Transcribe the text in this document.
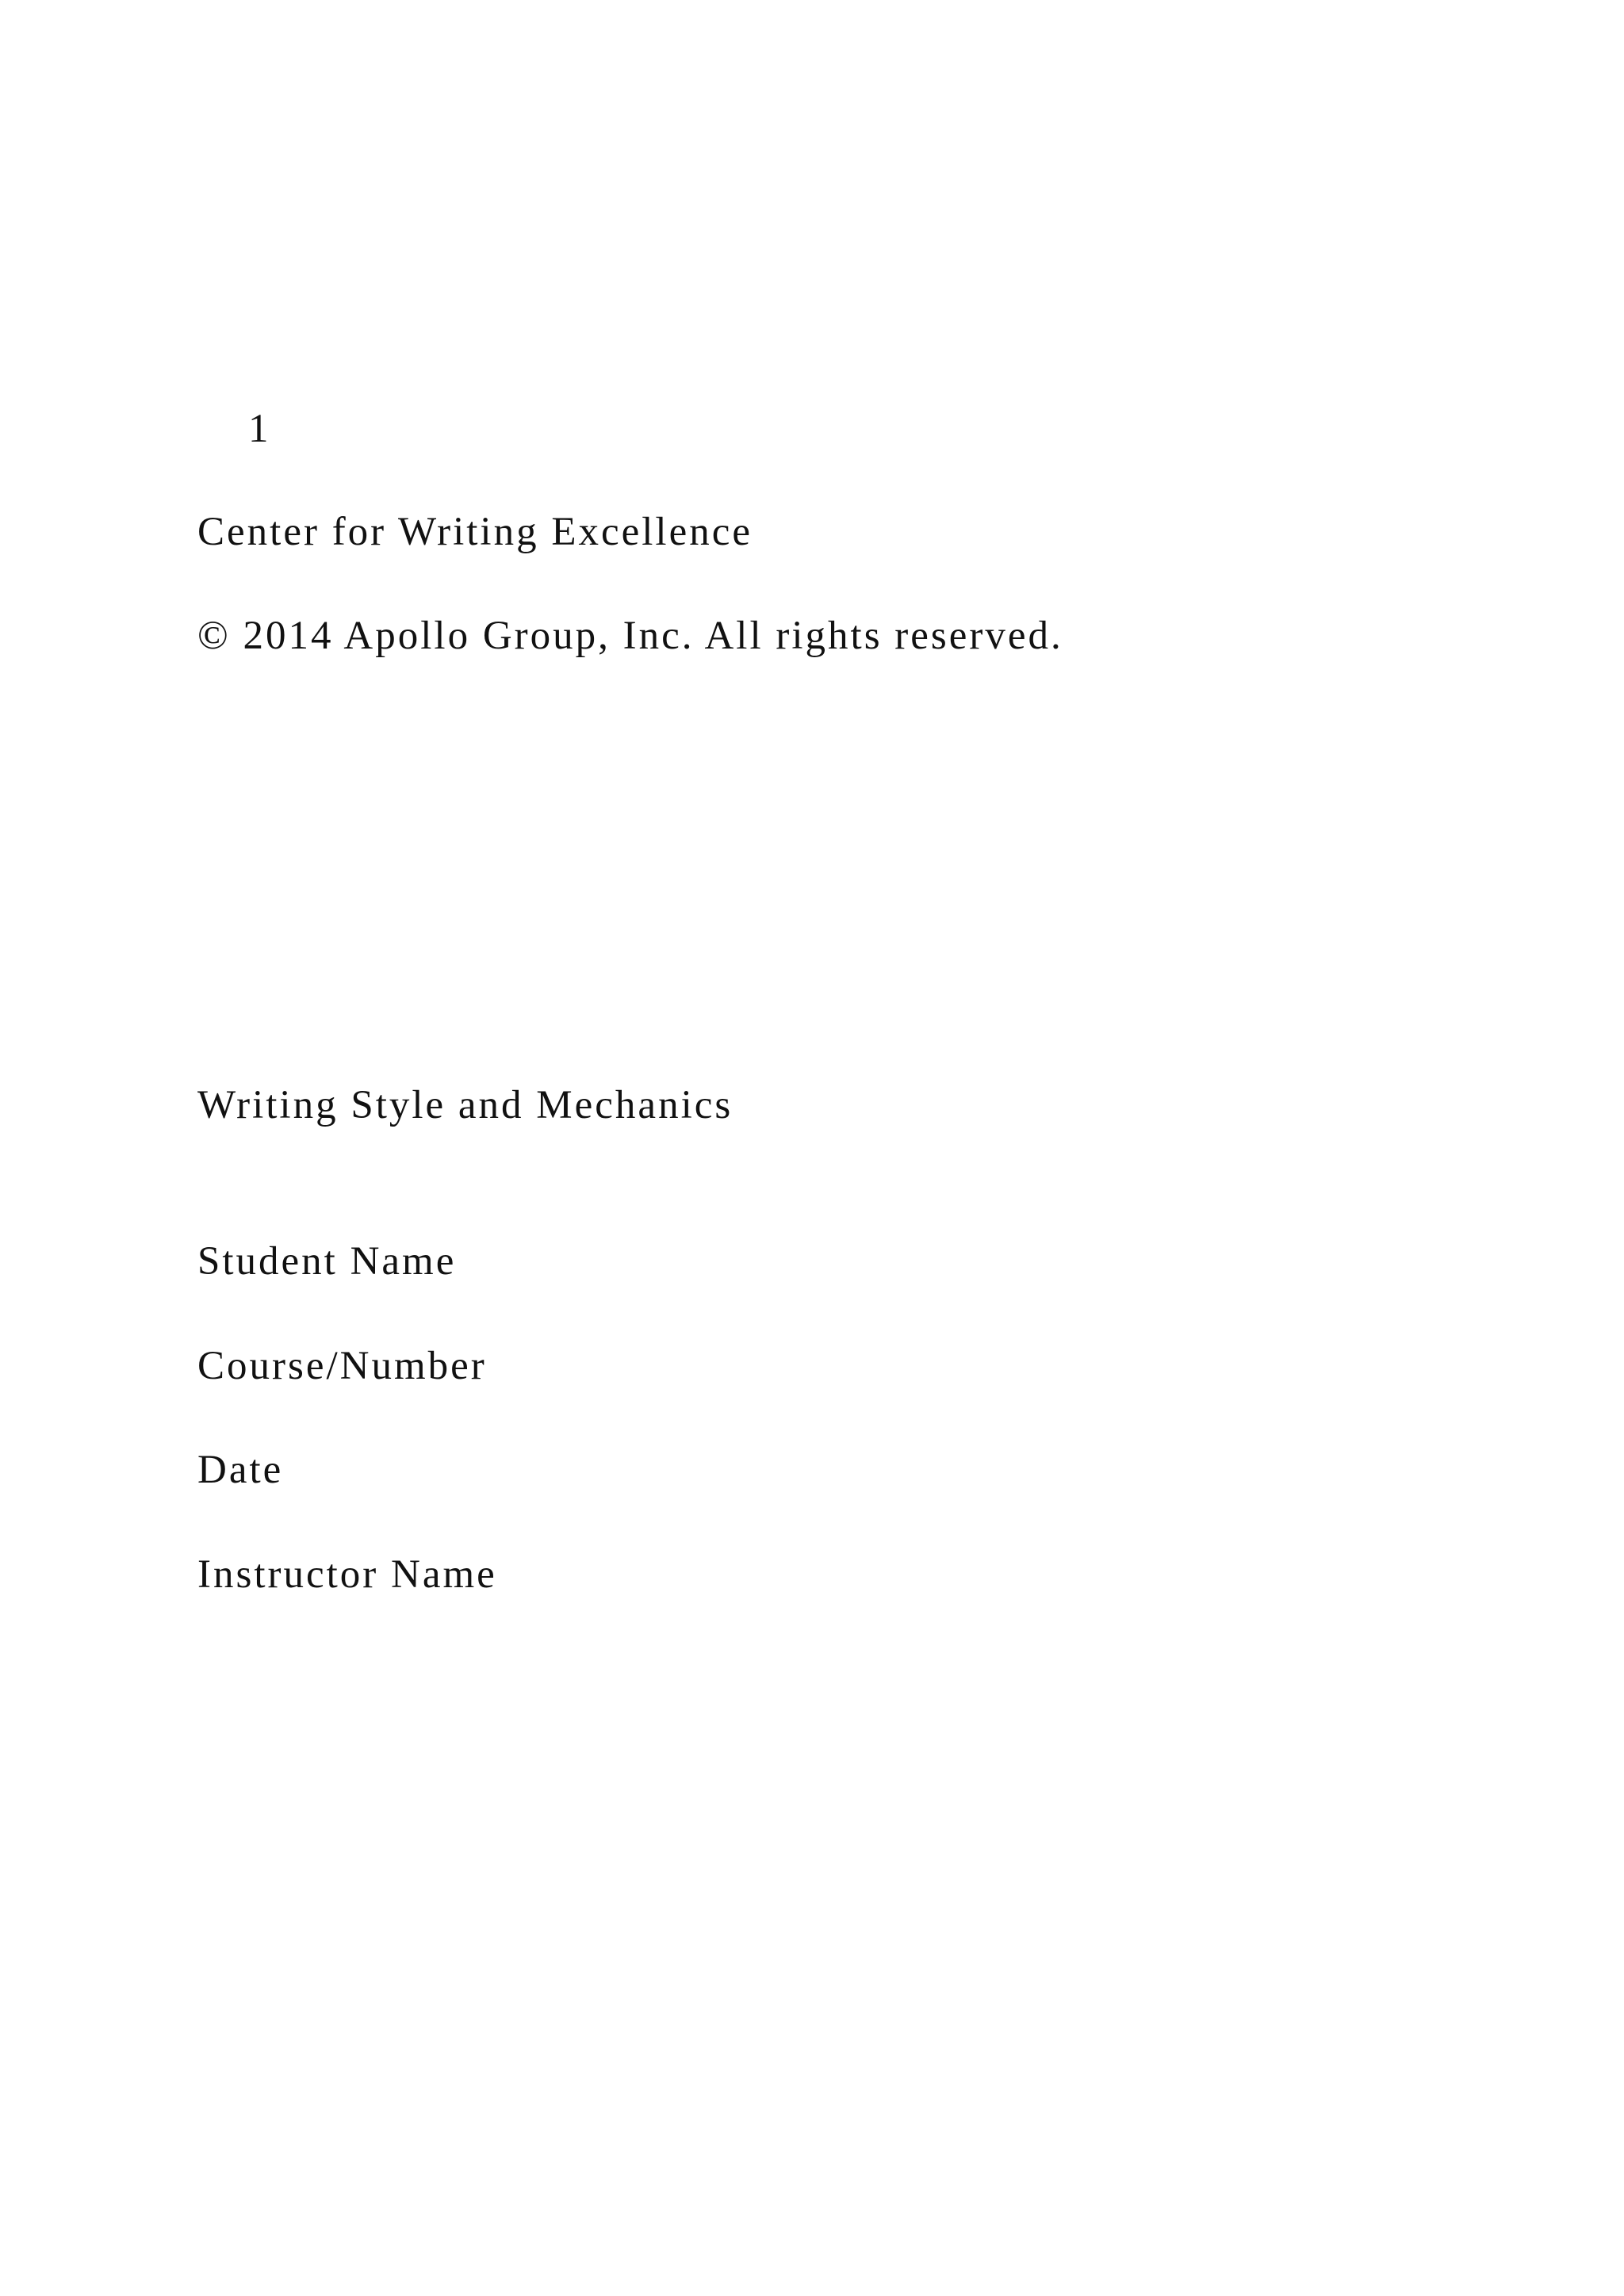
1
Center for Writing Excellence
© 2014 Apollo Group, Inc. All rights reserved.
Writing Style and Mechanics
Student Name
Course/Number
Date
Instructor Name
